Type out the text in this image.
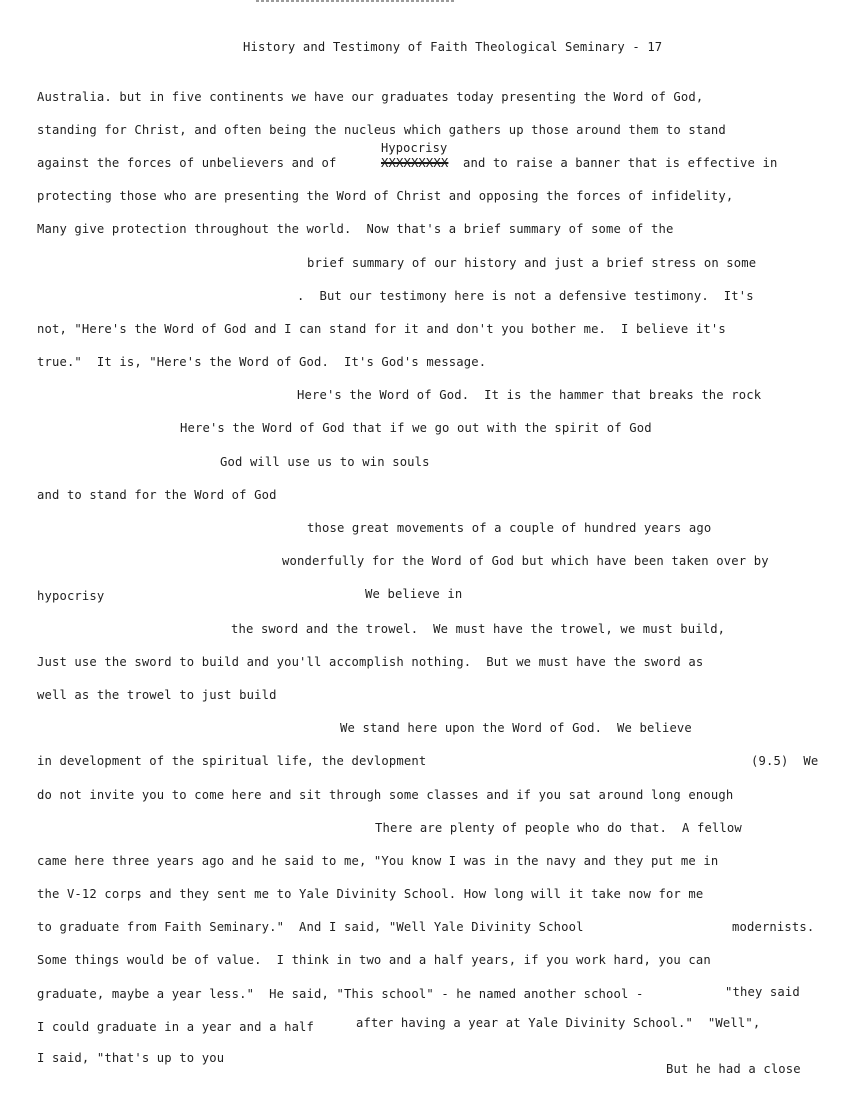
History and Testimony of Faith Theological Seminary - 17
Australia. but in five continents we have our graduates today presenting the Word of God,
standing for Christ, and often being the nucleus which gathers up those around them to stand
against the forces of unbelievers and of
Hypocrisy
XXXXXXXXX and to raise a banner that is effective in
protecting those who are presenting the Word of Christ and opposing the forces of infidelity,
Many give protection throughout the world.  Now that's a brief summary of some of the
brief summary of our history and just a brief stress on some
.  But our testimony here is not a defensive testimony.  It's
not, "Here's the Word of God and I can stand for it and don't you bother me.  I believe it's
true."  It is, "Here's the Word of God.  It's God's message.
Here's the Word of God.  It is the hammer that breaks the rock
Here's the Word of God that if we go out with the spirit of God
God will use us to win souls
and to stand for the Word of God
those great movements of a couple of hundred years ago
wonderfully for the Word of God but which have been taken over by
hypocrisy	We believe in
the sword and the trowel.  We must have the trowel, we must build,
Just use the sword to build and you'll accomplish nothing.  But we must have the sword as
well as the trowel to just build
We stand here upon the Word of God.  We believe
in development of the spiritual life, the devlopment	(9.5)  We
do not invite you to come here and sit through some classes and if you sat around long enough
There are plenty of people who do that.  A fellow
came here three years ago and he said to me, "You know I was in the navy and they put me in
the V-12 corps and they sent me to Yale Divinity School. How long will it take now for me
to graduate from Faith Seminary."  And I said, "Well Yale Divinity School	modernists.
Some things would be of value.  I think in two and a half years, if you work hard, you can
graduate, maybe a year less."  He said, "This school" - he named another school -	"they said
I could graduate in a year and a half	after having a year at Yale Divinity School."  "Well",
I said, "that's up to you
But he had a close
